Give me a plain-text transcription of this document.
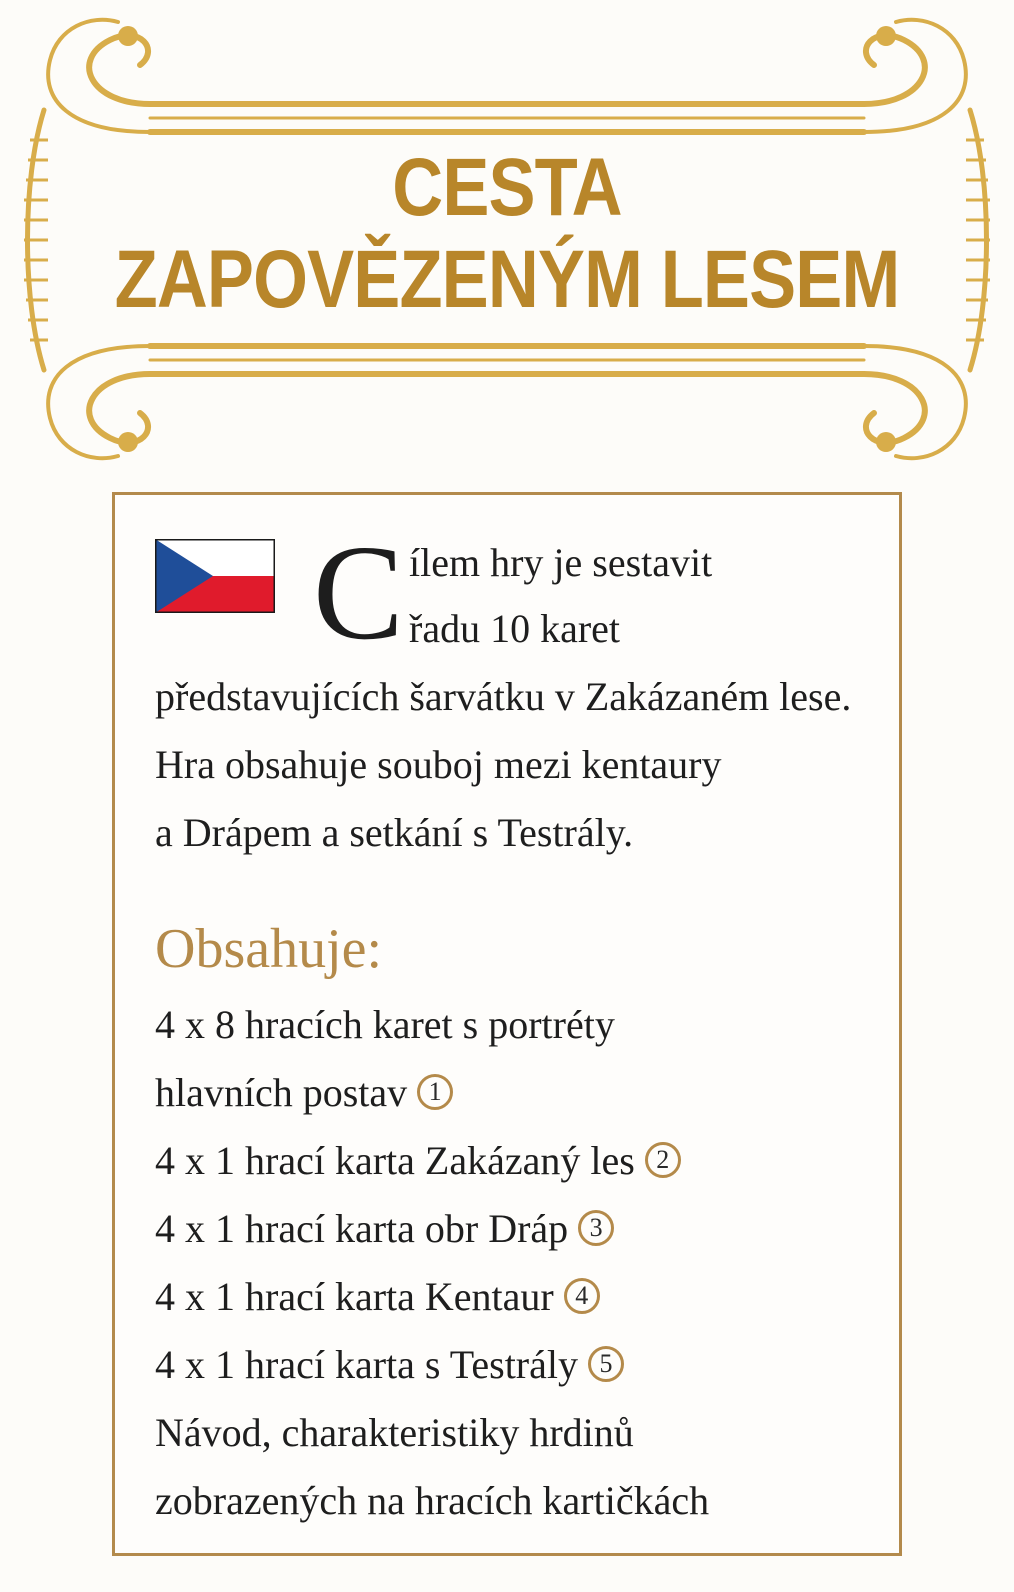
CESTA
ZAPOVĚZENÝM LESEM
C ílem hry je sestavit
řadu 10 karet
představujících šarvátku v Zakázaném lese.
Hra obsahuje souboj mezi kentaury
a Drápem a setkání s Testrály.
Obsahuje:
4 x 8 hracích karet s portréty
hlavních postav 1
4 x 1 hrací karta Zakázaný les 2
4 x 1 hrací karta obr Dráp 3
4 x 1 hrací karta Kentaur 4
4 x 1 hrací karta s Testrály 5
Návod, charakteristiky hrdinů
zobrazených na hracích kartičkách
